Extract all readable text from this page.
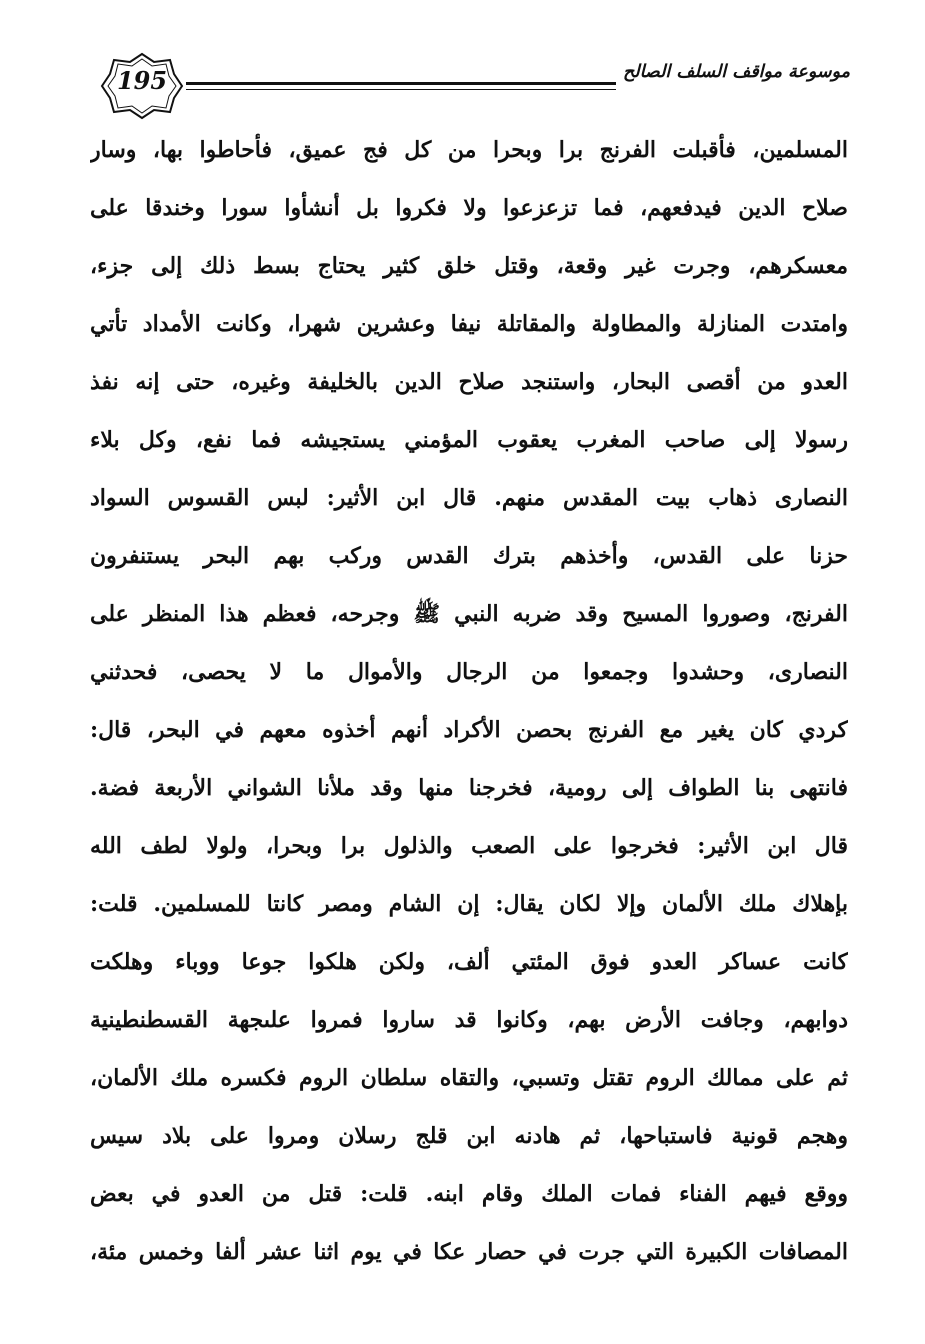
195	موسوعة مواقف السلف الصالح
المسلمين، فأقبلت الفرنج برا وبحرا من كل فج عميق، فأحاطوا بها، وسار
صلاح الدين فيدفعهم، فما تزعزعوا ولا فكروا بل أنشأوا سورا وخندقا على
معسكرهم، وجرت غير وقعة، وقتل خلق كثير يحتاج بسط ذلك إلى جزء،
وامتدت المنازلة والمطاولة والمقاتلة نيفا وعشرين شهرا، وكانت الأمداد تأتي
العدو من أقصى البحار، واستنجد صلاح الدين بالخليفة وغيره، حتى إنه نفذ
رسولا إلى صاحب المغرب يعقوب المؤمني يستجيشه فما نفع، وكل بلاء
النصارى ذهاب بيت المقدس منهم. قال ابن الأثير: لبس القسوس السواد
حزنا على القدس، وأخذهم بترك القدس وركب بهم البحر يستنفرون
الفرنج، وصوروا المسيح وقد ضربه النبي ﷺ وجرحه، فعظم هذا المنظر على
النصارى، وحشدوا وجمعوا من الرجال والأموال ما لا يحصى، فحدثني
كردي كان يغير مع الفرنج بحصن الأكراد أنهم أخذوه معهم في البحر، قال:
فانتهى بنا الطواف إلى رومية، فخرجنا منها وقد ملأنا الشواني الأربعة فضة.
قال ابن الأثير: فخرجوا على الصعب والذلول برا وبحرا، ولولا لطف الله
بإهلاك ملك الألمان وإلا لكان يقال: إن الشام ومصر كانتا للمسلمين. قلت:
كانت عساكر العدو فوق المئتي ألف، ولكن هلكوا جوعا ووباء وهلكت
دوابهم، وجافت الأرض بهم، وكانوا قد ساروا فمروا علىجهة القسطنطينية
ثم على ممالك الروم تقتل وتسبي، والتقاه سلطان الروم فكسره ملك الألمان،
وهجم قونية فاستباحها، ثم هادنه ابن قلج رسلان ومروا على بلاد سيس
ووقع فيهم الفناء فمات الملك وقام ابنه. قلت: قتل من العدو في بعض
المصافات الكبيرة التي جرت في حصار عكا في يوم اثنا عشر ألفا وخمس مئة،
